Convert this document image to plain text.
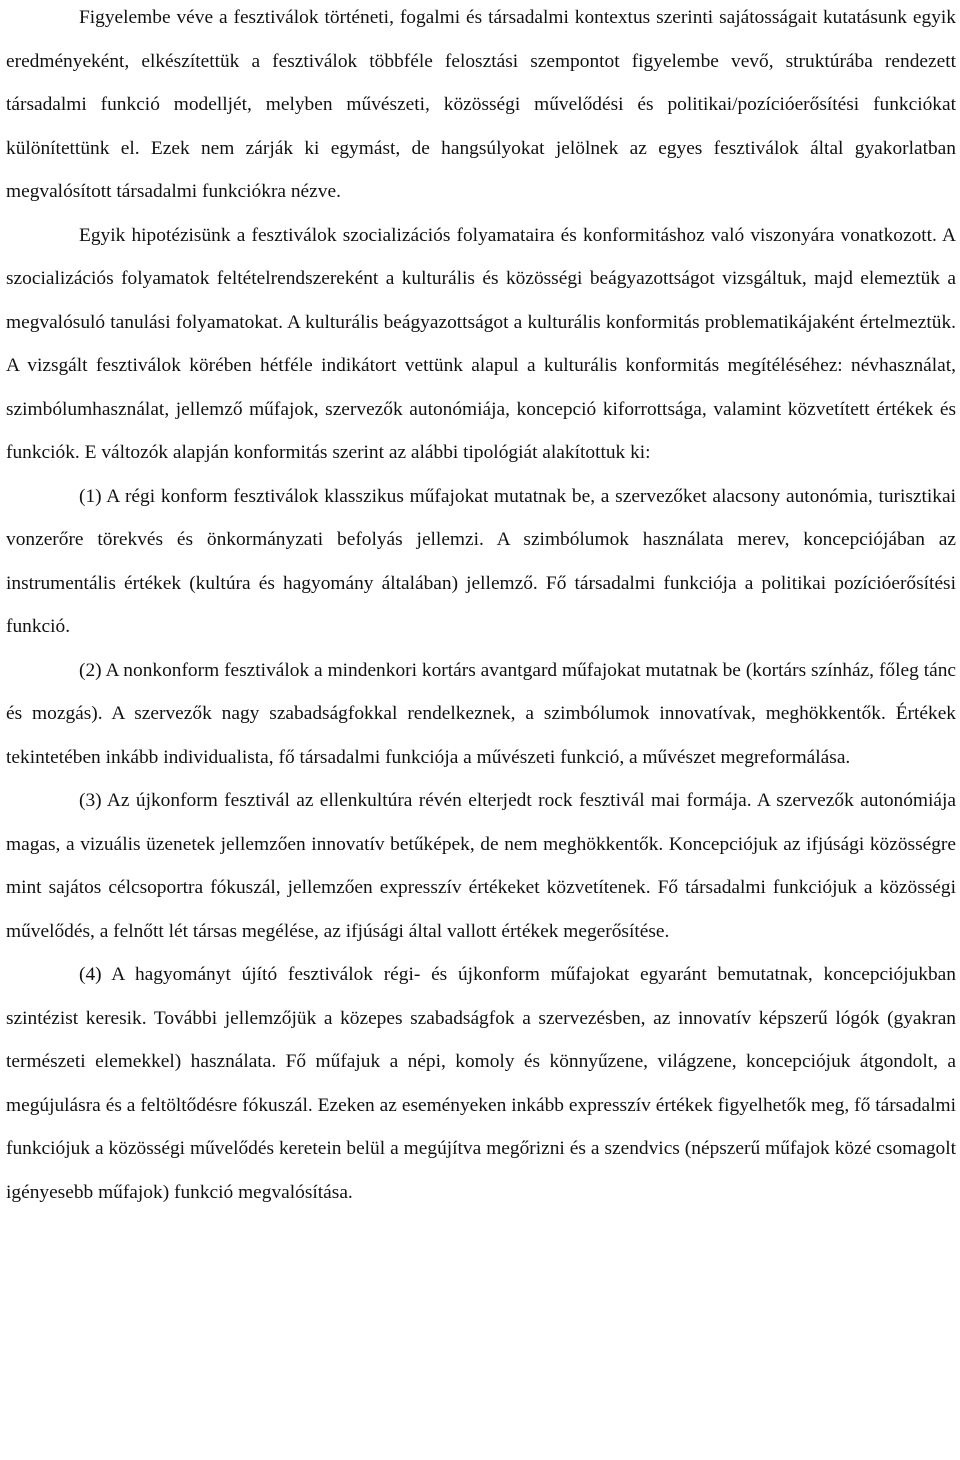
Figyelembe véve a fesztiválok történeti, fogalmi és társadalmi kontextus szerinti sajátosságait kutatásunk egyik eredményeként, elkészítettük a fesztiválok többféle felosztási szempontot figyelembe vevő, struktúrába rendezett társadalmi funkció modelljét, melyben művészeti, közösségi művelődési és politikai/pozícióerősítési funkciókat különítettünk el. Ezek nem zárják ki egymást, de hangsúlyokat jelölnek az egyes fesztiválok által gyakorlatban megvalósított társadalmi funkciókra nézve.

Egyik hipotézisünk a fesztiválok szocializációs folyamataira és konformitáshoz való viszonyára vonatkozott. A szocializációs folyamatok feltételrendszereként a kulturális és közösségi beágyazottságot vizsgáltuk, majd elemeztük a megvalósuló tanulási folyamatokat. A kulturális beágyazottságot a kulturális konformitás problematikájaként értelmeztük. A vizsgált fesztiválok körében hétféle indikátort vettünk alapul a kulturális konformitás megítéléséhez: névhasználat, szimbólumhasználat, jellemző műfajok, szervezők autonómiája, koncepció kiforrottsága, valamint közvetített értékek és funkciók. E változók alapján konformitás szerint az alábbi tipológiát alakítottuk ki:

(1) A régi konform fesztiválok klasszikus műfajokat mutatnak be, a szervezőket alacsony autonómia, turisztikai vonzerőre törekvés és önkormányzati befolyás jellemzi. A szimbólumok használata merev, koncepciójában az instrumentális értékek (kultúra és hagyomány általában) jellemző. Fő társadalmi funkciója a politikai pozícióerősítési funkció.

(2) A nonkonform fesztiválok a mindenkori kortárs avantgard műfajokat mutatnak be (kortárs színház, főleg tánc és mozgás). A szervezők nagy szabadságfokkal rendelkeznek, a szimbólumok innovatívak, meghökkentők. Értékek tekintetében inkább individualista, fő társadalmi funkciója a művészeti funkció, a művészet megreformálása.

(3) Az újkonform fesztivál az ellenkultúra révén elterjedt rock fesztivál mai formája. A szervezők autonómiája magas, a vizuális üzenetek jellemzően innovatív betűképek, de nem meghökkentők. Koncepciójuk az ifjúsági közösségre mint sajátos célcsoportra fókuszál, jellemzően expresszív értékeket közvetítenek. Fő társadalmi funkciójuk a közösségi művelődés, a felnőtt lét társas megélése, az ifjúsági által vallott értékek megerősítése.

(4) A hagyományt újító fesztiválok régi- és újkonform műfajokat egyaránt bemutatnak, koncepciójukban szintézist keresik. További jellemzőjük a közepes szabadságfok a szervezésben, az innovatív képszerű lógók (gyakran természeti elemekkel) használata. Fő műfajuk a népi, komoly és könnyűzene, világzene, koncepciójuk átgondolt, a megújulásra és a feltöltődésre fókuszál. Ezeken az eseményeken inkább expresszív értékek figyelhetők meg, fő társadalmi funkciójuk a közösségi művelődés keretein belül a megújítva megőrizni és a szendvics (népszerű műfajok közé csomagolt igényesebb műfajok) funkció megvalósítása.
